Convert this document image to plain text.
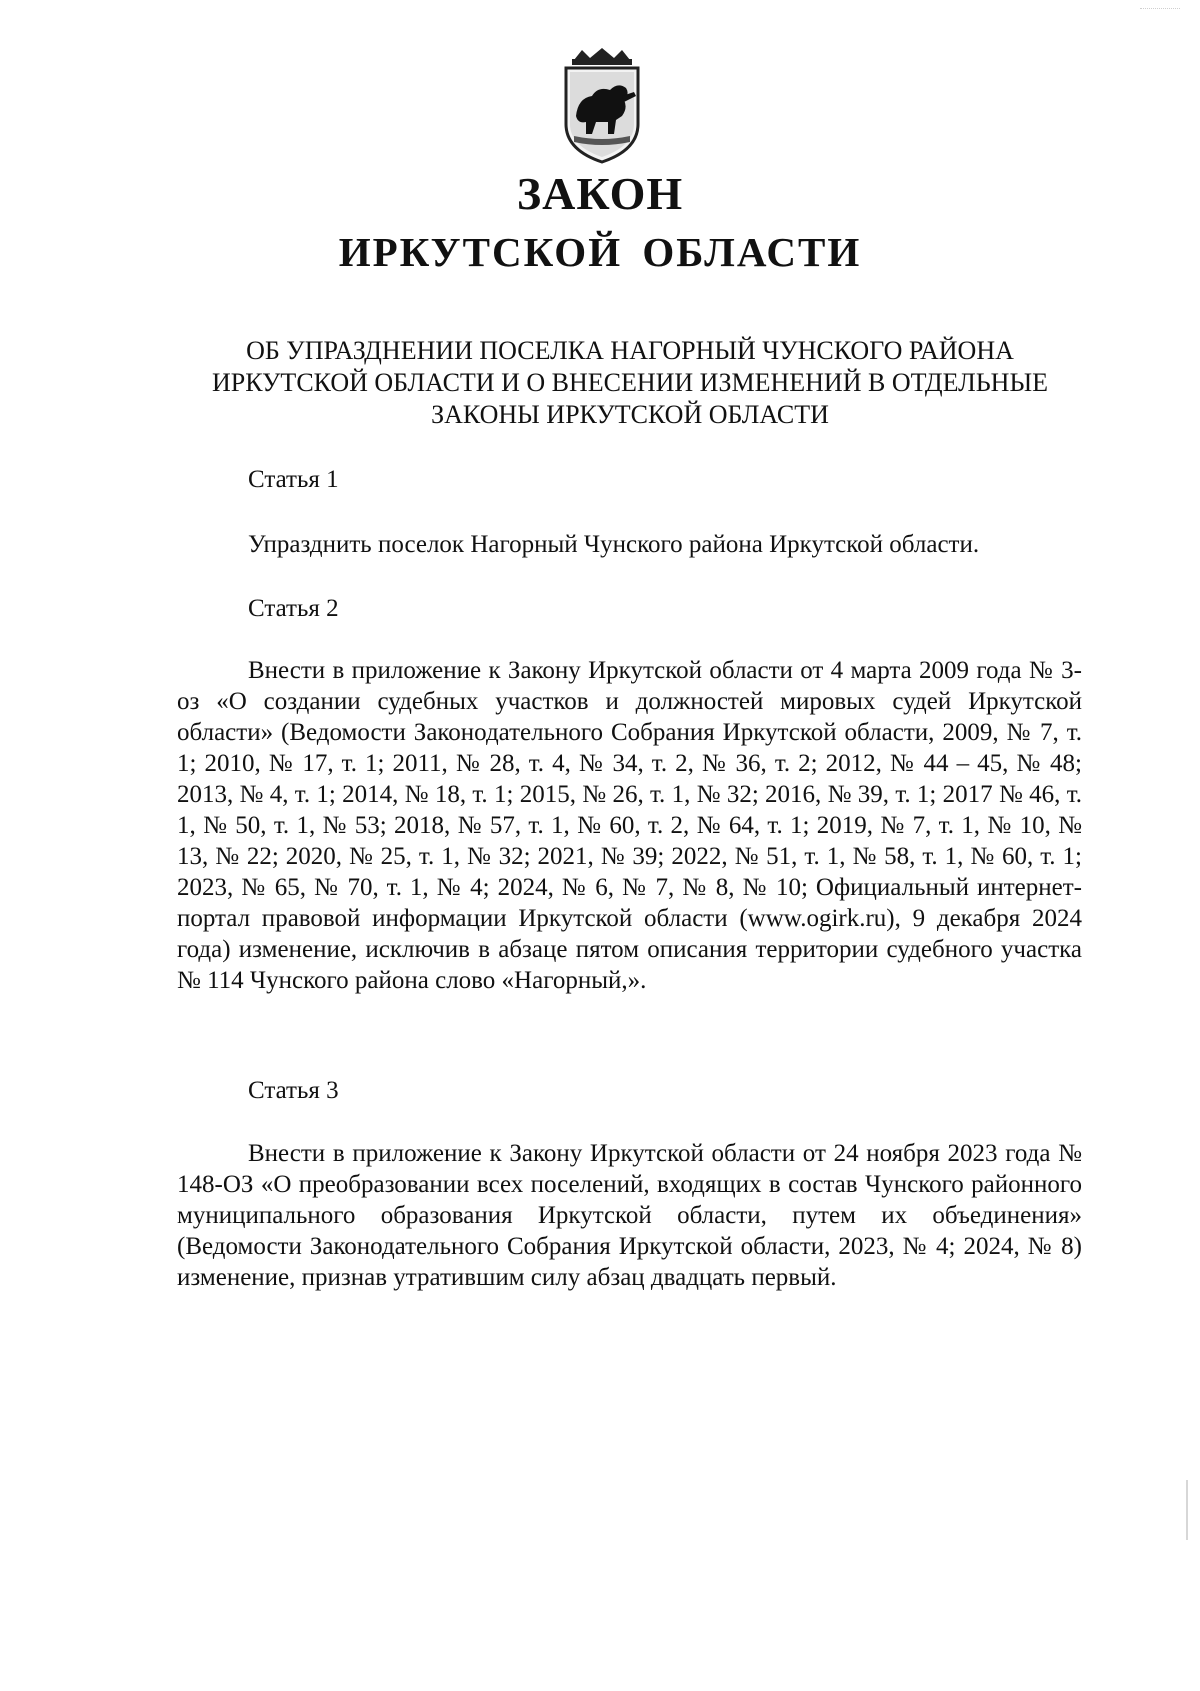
ЗАКОН
ИРКУТСКОЙ ОБЛАСТИ
ОБ УПРАЗДНЕНИИ ПОСЕЛКА НАГОРНЫЙ ЧУНСКОГО РАЙОНА
ИРКУТСКОЙ ОБЛАСТИ И О ВНЕСЕНИИ ИЗМЕНЕНИЙ В ОТДЕЛЬНЫЕ
ЗАКОНЫ ИРКУТСКОЙ ОБЛАСТИ
Статья 1
Упразднить поселок Нагорный Чунского района Иркутской области.
Статья 2
Внести в приложение к Закону Иркутской области от 4 марта 2009 года № 3-оз «О создании судебных участков и должностей мировых судей Иркутской области» (Ведомости Законодательного Собрания Иркутской области, 2009, № 7, т. 1; 2010, № 17, т. 1; 2011, № 28, т. 4, № 34, т. 2, № 36, т. 2; 2012, № 44 – 45, № 48; 2013, № 4, т. 1; 2014, № 18, т. 1; 2015, № 26, т. 1, № 32; 2016, № 39, т. 1; 2017 № 46, т. 1, № 50, т. 1, № 53; 2018, № 57, т. 1, № 60, т. 2, № 64, т. 1; 2019, № 7, т. 1, № 10, № 13, № 22; 2020, № 25, т. 1, № 32; 2021, № 39; 2022, № 51, т. 1, № 58, т. 1, № 60, т. 1; 2023, № 65, № 70, т. 1, № 4; 2024, № 6, № 7, № 8, № 10; Официальный интернет-портал правовой информации Иркутской области (www.ogirk.ru), 9 декабря 2024 года) изменение, исключив в абзаце пятом описания территории судебного участка № 114 Чунского района слово «Нагорный,».
Статья 3
Внести в приложение к Закону Иркутской области от 24 ноября 2023 года № 148-ОЗ «О преобразовании всех поселений, входящих в состав Чунского районного муниципального образования Иркутской области, путем их объединения» (Ведомости Законодательного Собрания Иркутской области, 2023, № 4; 2024, № 8) изменение, признав утратившим силу абзац двадцать первый.
